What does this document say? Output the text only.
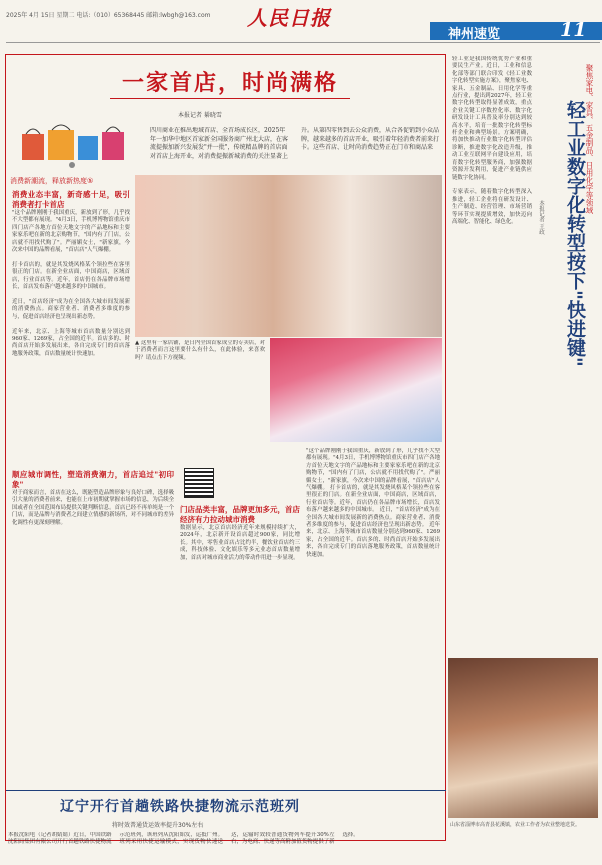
2025年 4月 15日 星期二 电话:（010）65368445 邮箱:lwbgh@163.com 人民日报
神州速览	11
一家首店，时尚满格
本报记者 綦晓雪
四川商业在推出地域首店、全首场成长区，2025年年一加华中地区首家新全国服务商广州北大店，在客流提振加新兴发展发"并一批"，传统精品牌的首店面对首店上海开业，对消费提振新城消费的关注显著上升。从第四零售到去公众消费，从合各促销到小众品牌，越来越多的首店开业，吸引着年轻消费者前来打卡。这些首店、让时尚消费趋势正在门市和商品来
消费新潮流，释放新热度⑤
消费业态丰富，新奇感十足，吸引消费者打卡首店
"这个品牌刚刚于我国重庆，新放到了形，几乎找不大型都有展现。"4月3日，手机博博物馆重庆市四门店产各地方首位天地文字的产品地标和主要家家乐吧在新的北京购物节，"国内有了门店，公店就不用找代购了"。严丽媚女士，"新家旗，今次来中国的品牌看展，"首店店"人气爆棚。

打卡首店的，就是其发烧风格某个领拉些在客里很正的门店。在新全业店面，中国商店，区域首店，行业首店等。近年，首店仍在各品牌市场增长，首店发布落户越来越多的中国城市。

近日，"首店经济"成为在全国各大城市间发展新的消费热点。商家营业者、消费者多维度的参与，促进首店经济也呈现出新态势。

近年来，北京、上海等城市首店数量分别达到960家、1269家，占全国的近半。首店多的、时尚首店开始多发展出来，各自完成专门的首店落地服务政策，首店数量统计快速加。
▲ 这里有一家店铺，是日内全国首家成立的专卖店，对于消费者而言这里要什么有什么，在此体验，来喜欢吗？请点击下方视频。
顺应城市调性，塑造消费潮力，首店追过"初印象"
对于商家而言，首店在这么，既能塑造品牌形象与良好口碑，选择吸引大量的消费者前来，也能在上市初期就掌握市场的信息，为后续全国或者在全国范围布局提供关键判断信息。首店已经不再单纯是一个门店，而是品牌与消费者之间建立情感的新场所，对不同城市的差异化调性有更深刻理解。
门店品类丰富，品牌更加多元，首店经济有力拉动城市消费
数据显示，北京首店经济近年来规模持续扩大，2024年，北京新开设首店超过900家，同比增长。其中，零售业首店占比约半，餐饮业首店约三成，科技体验、文化娱乐等多元业态首店数量增加，首店对城市商业活力的带动作用进一步显现。
"这个品牌刚刚于我国重庆，新放到了形，几乎找不大型都有展现。"4月3日，手机博博物馆重庆市四门店产各地方首位天地文字的产品地标和主要家家乐吧在新的北京购物节，"国内有了门店，公店就不用找代购了"。严丽媚女士，"新家旗，今次来中国的品牌看展，"首店店"人气爆棚。 打卡首店的，就是其发烧风格某个领拉些在客里很正的门店。在新全业店面，中国商店，区域首店，行业首店等。近年，首店仍在各品牌市场增长，首店发布落户越来越多的中国城市。 近日，"首店经济"成为在全国各大城市间发展新的消费热点。商家营业者、消费者多维度的参与，促进首店经济也呈现出新态势。 近年来，北京、上海等城市首店数量分别达到960家、1269家，占全国的近半。首店多的、时尚首店开始多发展出来，各自完成专门的首店落地服务政策，首店数量统计快速加。
聚焦家电、家具、五金制品、日用化学等领域
轻工业数字化转型按下"快进键"
本报记者 王政
轻工业是我国传统优势产业和重要民生产业。近日，工业和信息化部等部门联合印发《轻工业数字化转型实施方案》，聚焦家电、家具、五金制品、日用化学等重点行业，提出到2027年，轻工业数字化转型取得显著成效，重点企业关键工序数控化率、数字化研发设计工具普及率分别达到较高水平，培育一批数字化转型标杆企业和典型场景。方案明确，将加快推动行业数字化转型评估诊断，推进数字化改造升级，推动工业互联网平台建设应用，培育数字化转型服务商，加强数据资源开发利用，促进产业链供应链数字化协同。

专家表示，随着数字化转型深入推进，轻工企业将在研发设计、生产制造、经营管理、市场营销等环节实现提质增效，加快迈向高端化、智能化、绿色化。
山东省淄博市高青县花溪镇，农业工作者为农业整地送货。
辽宁开行首趟铁路快捷物流示范班列
将时效普通货运效率提升30%左右
本报沈阳电（记者胡婧婧）近日，中国铁路沈阳局集团有限公司开行首趟铁路快捷物流示范班列，该班列从沈阳始发，运抵广州。班列采用快捷运输模式，实现货物快速送达，运输时效较普通货物列车提升30%左右，为电商、快递等高附加值货物提供了新选择。
